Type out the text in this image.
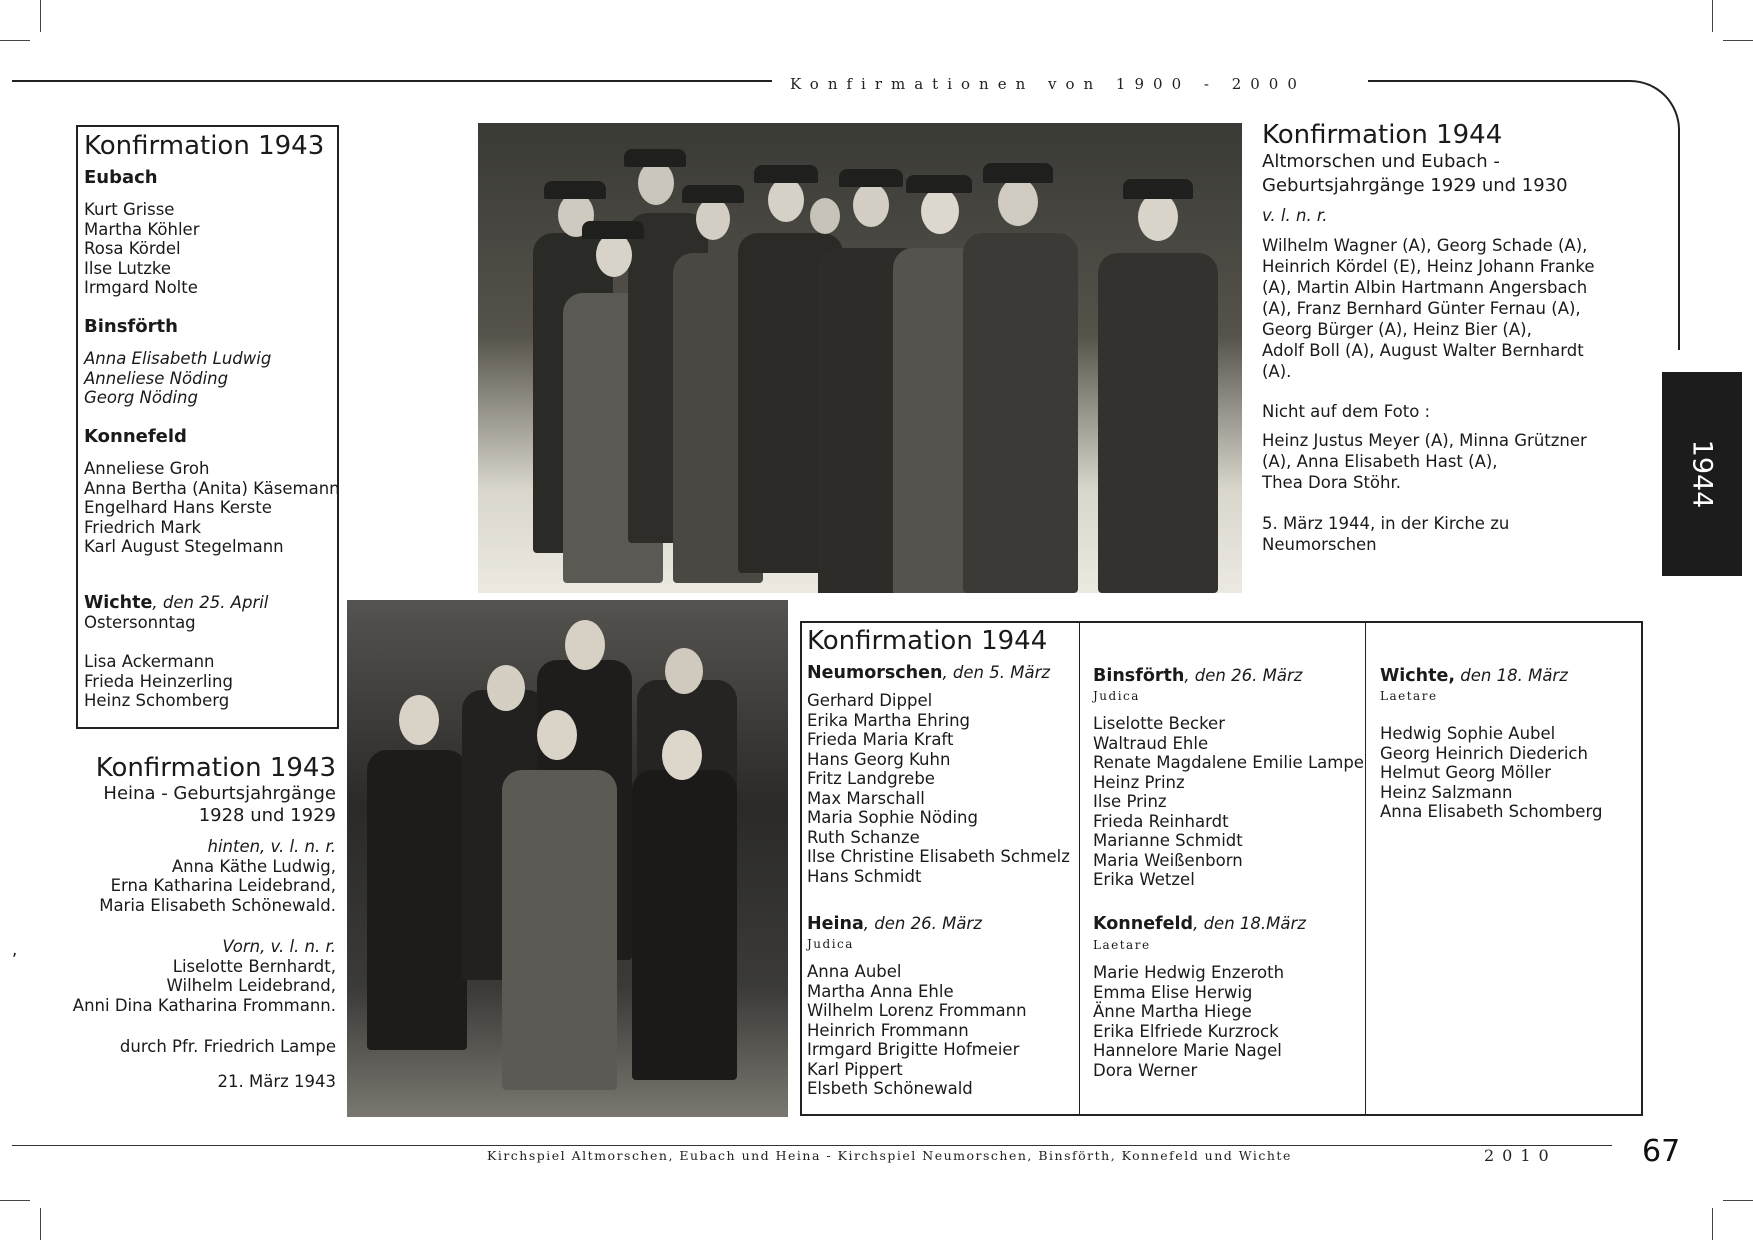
Konfirmationen von 1900 - 2000
1944
Konfirmation 1943
Eubach
Kurt Grisse
Martha Köhler
Rosa Kördel
Ilse Lutzke
Irmgard Nolte
Binsförth
Anna Elisabeth Ludwig
Anneliese Nöding
Georg Nöding
Konnefeld
Anneliese Groh
Anna Bertha (Anita) Käsemann
Engelhard Hans Kerste
Friedrich Mark
Karl August Stegelmann
Wichte, den 25. April
Ostersonntag
Lisa Ackermann
Frieda Heinzerling
Heinz Schomberg
Konfirmation 1943
Heina - Geburtsjahrgänge
1928 und 1929
hinten, v. l. n. r.
Anna Käthe Ludwig,
Erna Katharina Leidebrand,
Maria Elisabeth Schönewald.
Vorn, v. l. n. r.
Liselotte Bernhardt,
Wilhelm Leidebrand,
Anni Dina Katharina Frommann.
durch Pfr. Friedrich Lampe
21. März 1943
,
Konfirmation 1944
Altmorschen und Eubach -
Geburtsjahrgänge 1929 und 1930
v. l. n. r.
Wilhelm Wagner (A), Georg Schade (A),
Heinrich Kördel (E), Heinz Johann Franke
(A), Martin Albin Hartmann Angersbach
(A), Franz Bernhard Günter Fernau (A),
Georg Bürger (A), Heinz Bier (A),
Adolf Boll (A), August Walter Bernhardt
(A).
Nicht auf dem Foto :
Heinz Justus Meyer (A), Minna Grützner
(A), Anna Elisabeth Hast (A),
Thea Dora Stöhr.
5. März 1944, in der Kirche zu
Neumorschen
Konfirmation 1944
Neumorschen, den 5. März
Gerhard Dippel
Erika Martha Ehring
Frieda Maria Kraft
Hans Georg Kuhn
Fritz Landgrebe
Max Marschall
Maria Sophie Nöding
Ruth Schanze
Ilse Christine Elisabeth Schmelz
Hans Schmidt
Heina, den 26. März
Judica
Anna Aubel
Martha Anna Ehle
Wilhelm Lorenz Frommann
Heinrich Frommann
Irmgard Brigitte Hofmeier
Karl Pippert
Elsbeth Schönewald
Binsförth, den 26. März
Judica
Liselotte Becker
Waltraud Ehle
Renate Magdalene Emilie Lampe
Heinz Prinz
Ilse Prinz
Frieda Reinhardt
Marianne Schmidt
Maria Weißenborn
Erika Wetzel
Konnefeld, den 18.März
Laetare
Marie Hedwig Enzeroth
Emma Elise Herwig
Änne Martha Hiege
Erika Elfriede Kurzrock
Hannelore Marie Nagel
Dora Werner
Wichte, den 18. März
Laetare
Hedwig Sophie Aubel
Georg Heinrich Diederich
Helmut Georg Möller
Heinz Salzmann
Anna Elisabeth Schomberg
Kirchspiel Altmorschen, Eubach und Heina - Kirchspiel Neumorschen, Binsförth, Konnefeld und Wichte	2010	67
